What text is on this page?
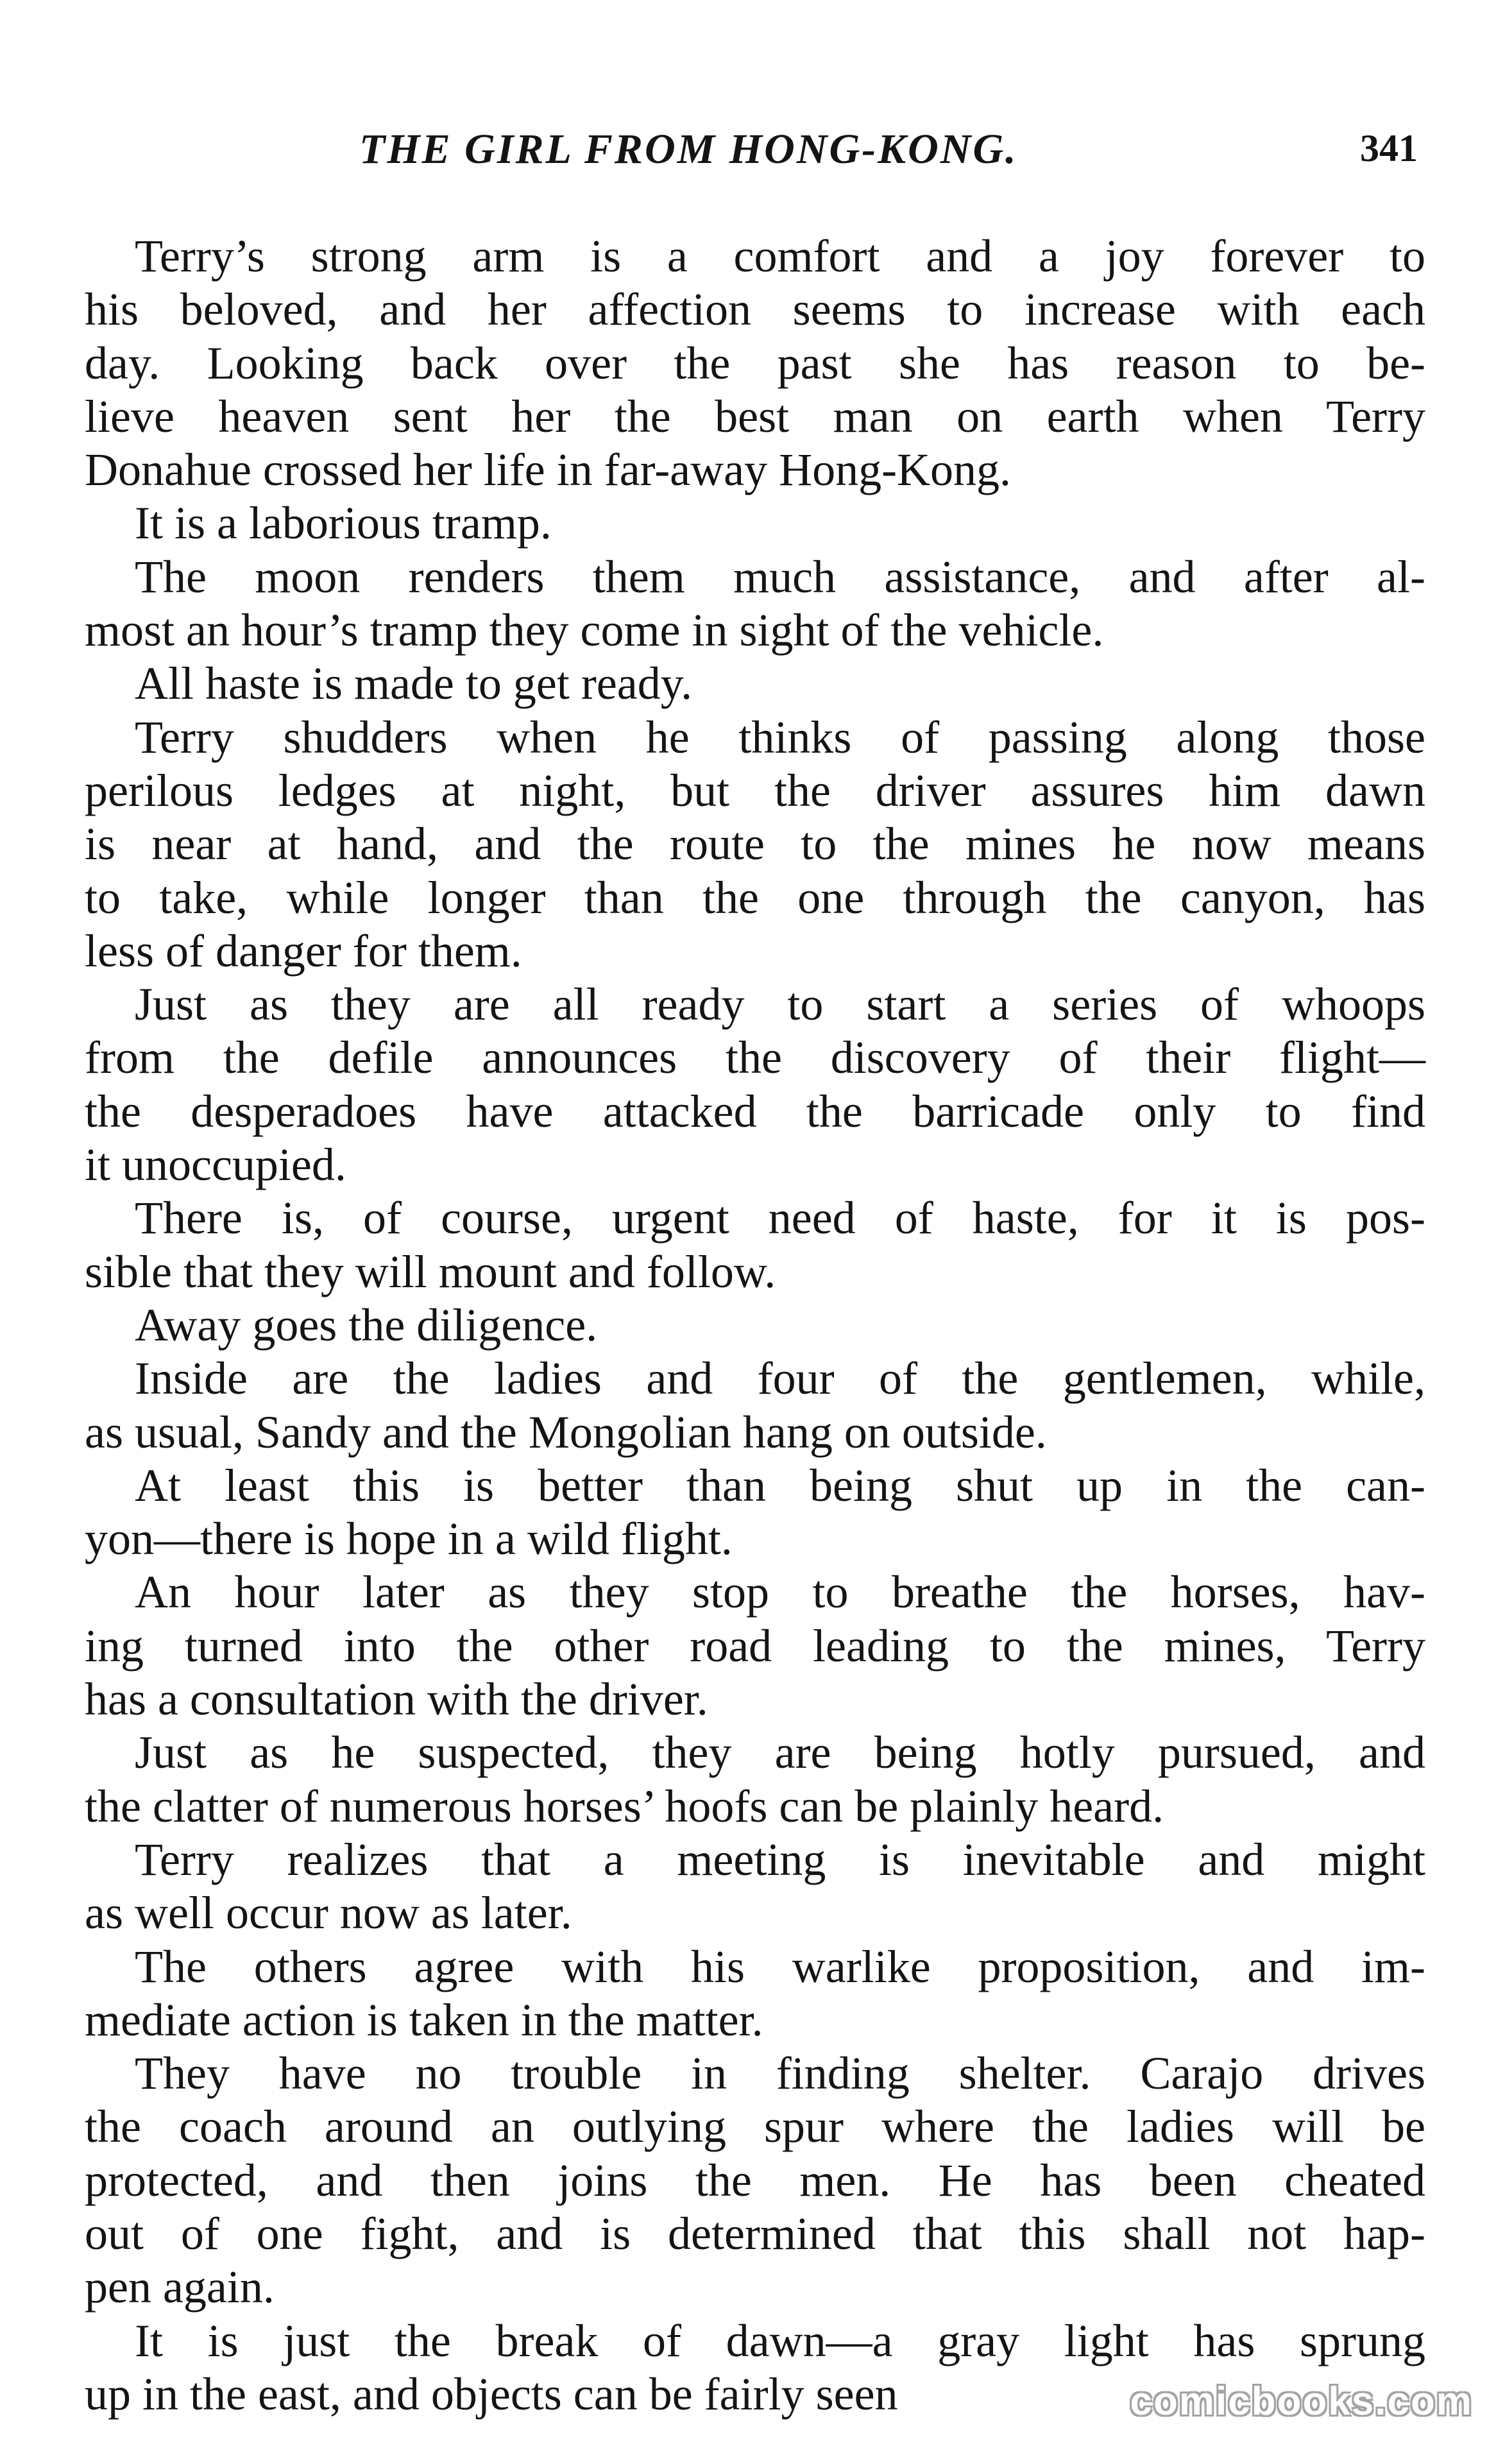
THE GIRL FROM HONG-KONG.	341
Terry’s strong arm is a comfort and a joy forever to
his beloved, and her affection seems to increase with each
day. Looking back over the past she has reason to be-
lieve heaven sent her the best man on earth when Terry
Donahue crossed her life in far-away Hong-Kong.
It is a laborious tramp.
The moon renders them much assistance, and after al-
most an hour’s tramp they come in sight of the vehicle.
All haste is made to get ready.
Terry shudders when he thinks of passing along those
perilous ledges at night, but the driver assures him dawn
is near at hand, and the route to the mines he now means
to take, while longer than the one through the canyon, has
less of danger for them.
Just as they are all ready to start a series of whoops
from the defile announces the discovery of their flight—
the desperadoes have attacked the barricade only to find
it unoccupied.
There is, of course, urgent need of haste, for it is pos-
sible that they will mount and follow.
Away goes the diligence.
Inside are the ladies and four of the gentlemen, while,
as usual, Sandy and the Mongolian hang on outside.
At least this is better than being shut up in the can-
yon—there is hope in a wild flight.
An hour later as they stop to breathe the horses, hav-
ing turned into the other road leading to the mines, Terry
has a consultation with the driver.
Just as he suspected, they are being hotly pursued, and
the clatter of numerous horses’ hoofs can be plainly heard.
Terry realizes that a meeting is inevitable and might
as well occur now as later.
The others agree with his warlike proposition, and im-
mediate action is taken in the matter.
They have no trouble in finding shelter. Carajo drives
the coach around an outlying spur where the ladies will be
protected, and then joins the men. He has been cheated
out of one fight, and is determined that this shall not hap-
pen again.
It is just the break of dawn—a gray light has sprung
up in the east, and objects can be fairly seen	comicbooks.com
